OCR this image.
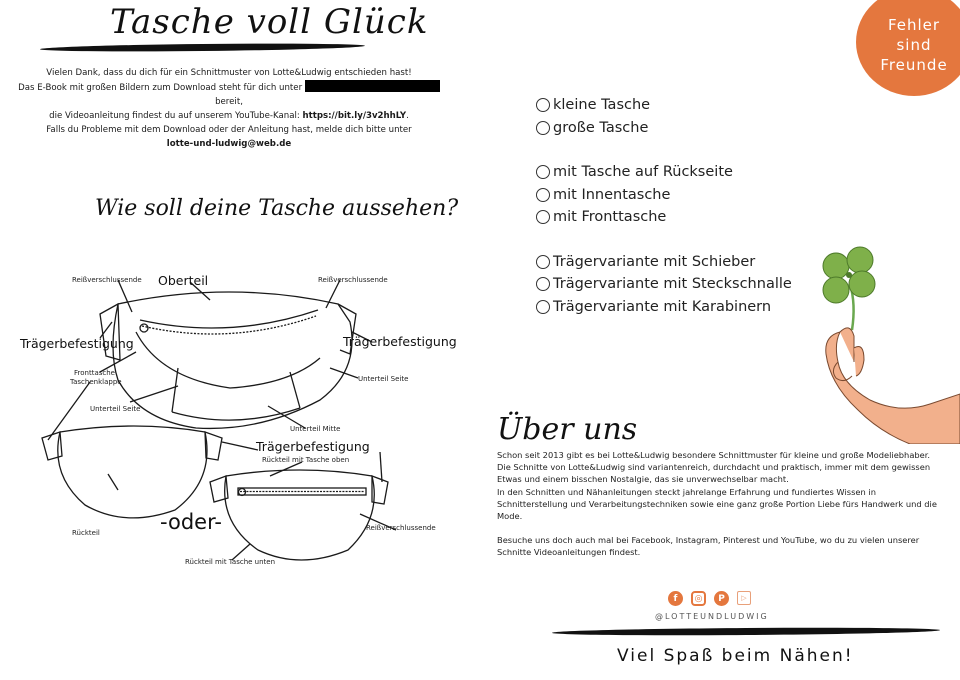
Tasche voll Glück
Vielen Dank, dass du dich für ein Schnittmuster von Lotte&Ludwig entschieden hast!
Das E-Book mit großen Bildern zum Download steht für dich unter  bereit,
die Videoanleitung findest du auf unserem YouTube-Kanal: https://bit.ly/3v2hhLY.
Falls du Probleme mit dem Download oder der Anleitung hast, melde dich bitte unter
lotte-und-ludwig@web.de
Wie soll deine Tasche aussehen?
Reißverschlussende Oberteil	Reißverschlussende
Trägerbefestigung	Trägerbefestigung
Fronttasche
Taschenklappe	Unterteil Seite
Unterteil Seite
Unterteil Mitte
Trägerbefestigung
Rückteil mit Tasche oben
-oder-
Rückteil
Reißverschlussende
Rückteil mit Tasche unten
Fehler
sind
Freunde
kleine Tasche
große Tasche
mit Tasche auf Rückseite
mit Innentasche
mit Fronttasche
Trägervariante mit Schieber
Trägervariante mit Steckschnalle
Trägervariante mit Karabinern
Über uns

Schon seit 2013 gibt es bei Lotte&Ludwig besondere Schnittmuster für kleine und große Modeliebhaber.

Die Schnitte von Lotte&Ludwig sind variantenreich, durchdacht und praktisch, immer mit dem gewissen Etwas und einem bisschen Nostalgie, das sie unverwechselbar macht.

In den Schnitten und Nähanleitungen steckt jahrelange Erfahrung und fundiertes Wissen in Schnitterstellung und Verarbeitungstechniken sowie eine ganz große Portion Liebe fürs Handwerk und die Mode.

Besuche uns doch auch mal bei Facebook, Instagram, Pinterest und YouTube, wo du zu vielen unserer Schnitte Videoanleitungen findest.

f	◎	P	▷
@LOTTEUNDLUDWIG
Viel Spaß beim Nähen!
